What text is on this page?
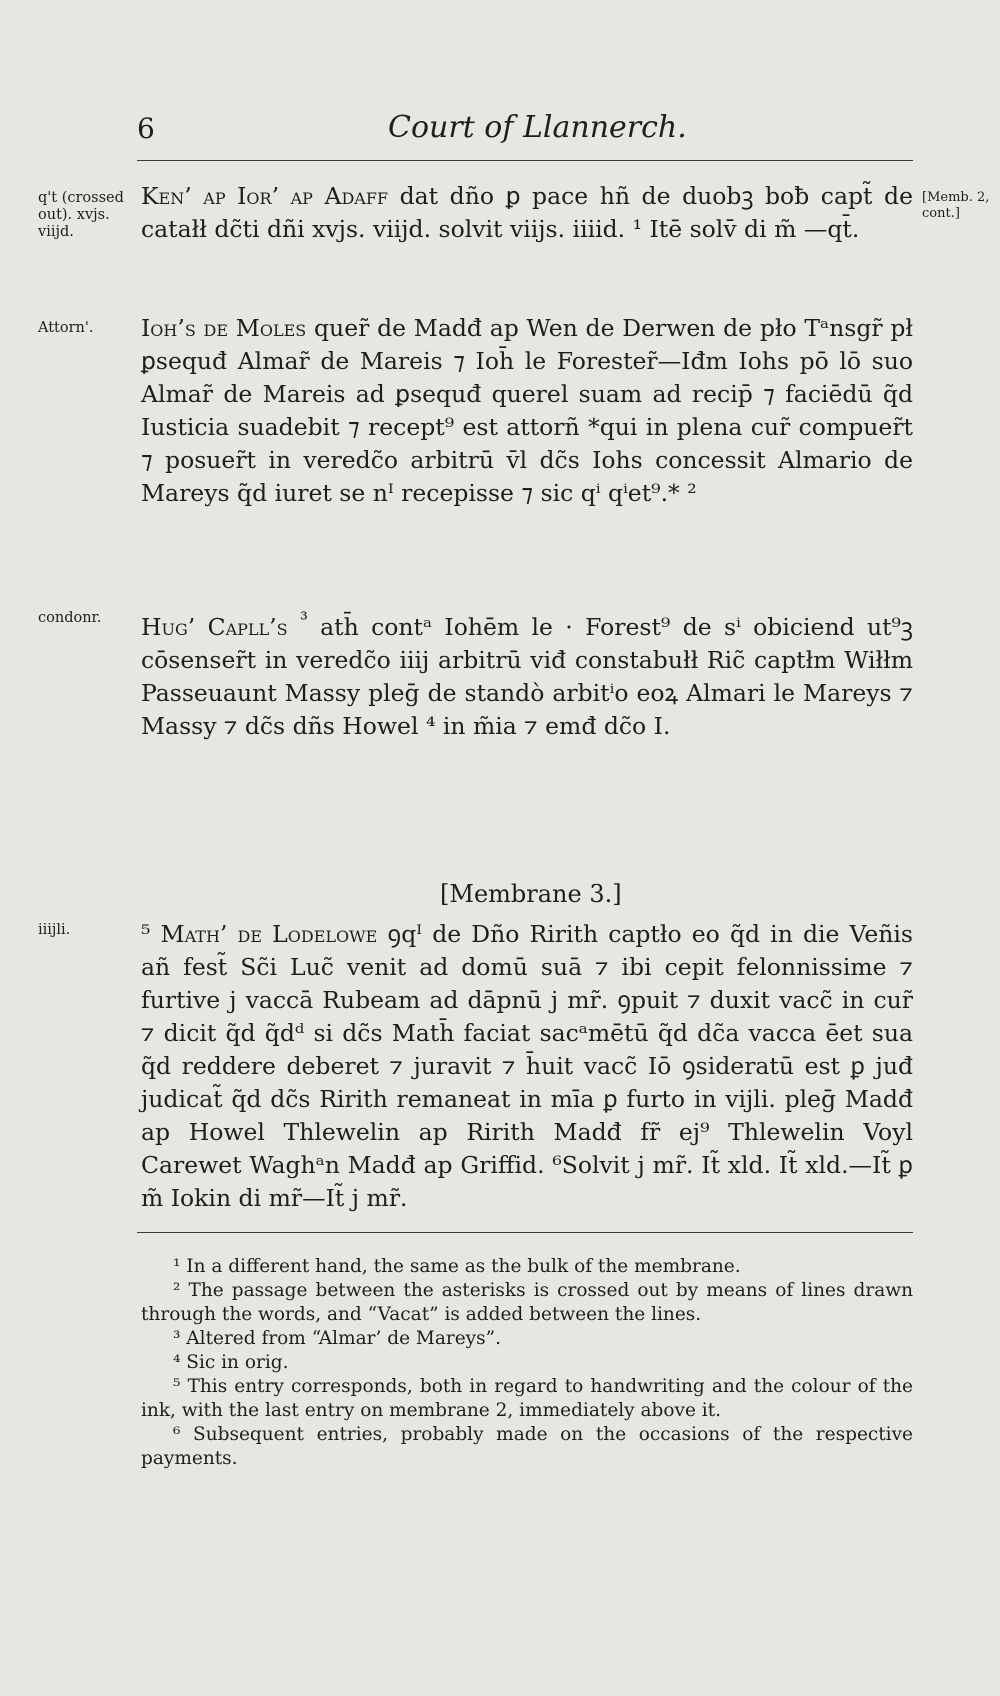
6	Court of Llannerch.
q't (crossed out). xvjs. viijd.
[Memb. 2, cont.]

Ken’ ap Ior’ ap Adaff dat dño ꝑ pace hñ de duobꝫ boƀ capt̃ de catałł dc̃ti dñi xvjs. viijd. solvit viijs. iiiid. ¹ Itē solv̄ di m̃ —qt̄.

Attorn'.	Ioh’s de Moles quer̃ de Madđ ap Wen de Derwen de pło Tᵃnsgr̃ pł ꝑsequđ Almar̃ de Mareis ⁊ Ioh̄ le Forester̃—Iđm Iohs pō lō suo Almar̃ de Mareis ad ꝑsequđ querel suam ad recip̄ ⁊ faciēdū q̃d Iusticia suadebit ⁊ recept⁹ est attorñ *qui in plena cur̃ compuer̃t ⁊ posuer̃t in veredc̃o arbitrū v̄l dc̃s Iohs concessit Almario de Mareys q̃d iuret se nᴵ recepisse ⁊ sic qⁱ qⁱet⁹.* ²

condonr.	Hug’ Capll’s $^{^3}$ ath̄ contᵃ Iohēm le · Forest⁹ de sⁱ obiciend ut⁹ꝫ cōsenser̃t in veredc̃o iiij arbitrū viđ constabułł Ric̃ captłm Wiłłm Passeuaunt Massy pleḡ de standò arbitⁱo eoꝝ Almari le Mareys ⁊ Massy ⁊ dc̃s dñs Howel ⁴ in m̃ia ⁊ emđ dc̃o I.

[Membrane 3.]
iiijli.	⁵ Math’ de Lodelowe ꝯqᴵ de Dño Ririth captło eo q̃d in die Veñis añ fest̃ Sc̃i Luc̃ venit ad domū suā ⁊ ibi cepit felonnissime ⁊ furtive j vaccā Rubeam ad dāpnū j mr̃. ꝯpuit ⁊ duxit vacc̃ in cur̃ ⁊ dicit q̃d q̃dᵈ si dc̃s Math̄ faciat sacᵃmētū q̃d dc̃a vacca ēet sua q̃d reddere deberet ⁊ juravit ⁊ h̄uit vacc̃ Iō ꝯsideratū est ꝑ juđ judicat̃ q̃d dc̃s Ririth remaneat in mīa ꝑ furto in vijli. pleḡ Madđ ap Howel Thlewelin ap Ririth Madđ fr̃ ej⁹ Thlewelin Voyl Carewet Waghᵃn Madđ ap Griffid. ⁶Solvit j mr̃. It̃ xld. It̃ xld.—It̃ ꝑ m̃ Iokin di mr̃—It̃ j mr̃.

¹ In a different hand, the same as the bulk of the membrane.

² The passage between the asterisks is crossed out by means of lines drawn through the words, and “Vacat” is added between the lines.

³ Altered from “Almar’ de Mareys”.

⁴ Sic in orig.

⁵ This entry corresponds, both in regard to handwriting and the colour of the ink, with the last entry on membrane 2, immediately above it.

⁶ Subsequent entries, probably made on the occasions of the respective payments.
